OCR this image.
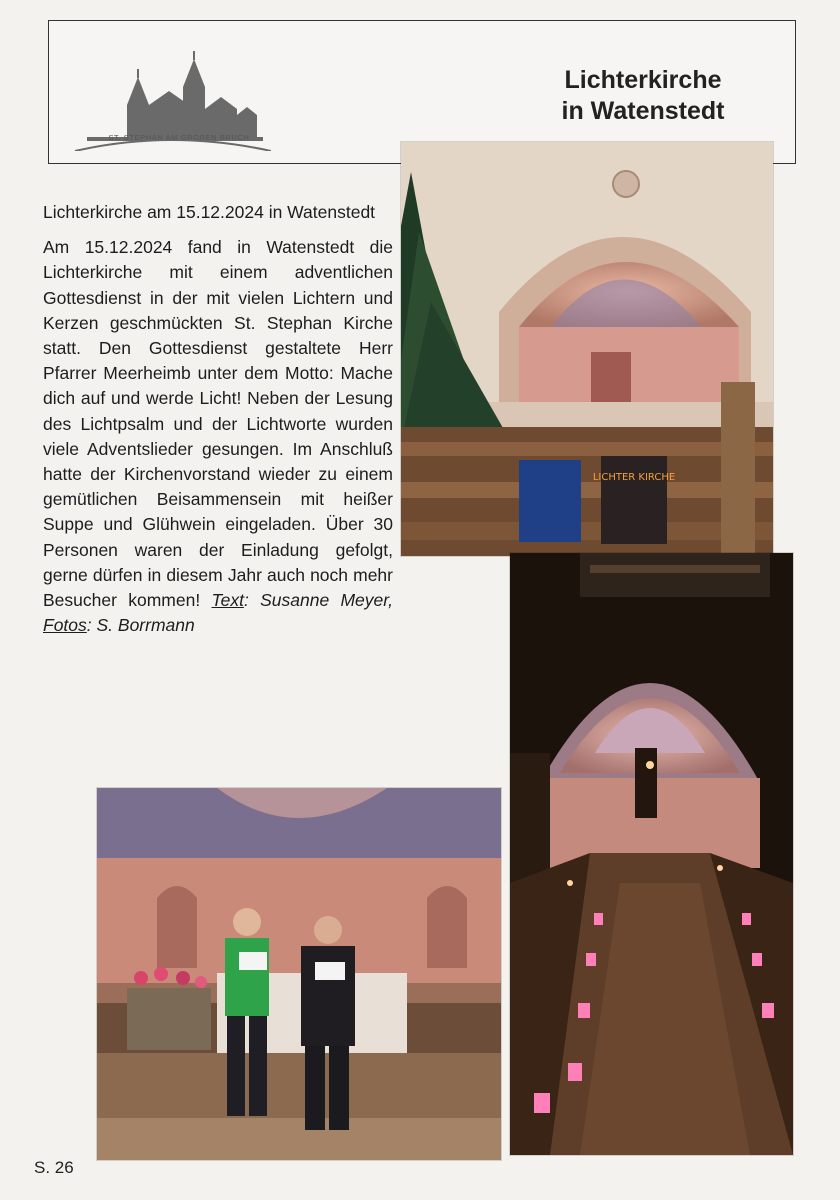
ST. STEPHAN AM GROẞEN BRUCH
Lichterkirche
in Watenstedt

Lichterkirche am 15.12.2024 in Watenstedt

Am 15.12.2024 fand in Watenstedt die Lichterkirche mit einem adventlichen Gottesdienst in der mit vielen Lichtern und Kerzen geschmückten St. Stephan Kirche statt. Den Gottesdienst gestaltete Herr Pfarrer Meerheimb unter dem Motto: Mache dich auf und werde Licht! Neben der Lesung des Lichtpsalm und der Lichtworte wurden viele Adventslieder gesungen. Im Anschluß hatte der Kirchenvorstand wieder zu einem gemütlichen Beisammensein mit heißer Suppe und Glühwein eingeladen. Über 30 Personen waren der Einladung gefolgt, gerne dürfen in diesem Jahr auch noch mehr Besucher kommen! Text: Susanne Meyer, Fotos: S. Borrmann

LICHTER KIRCHE
S. 26
